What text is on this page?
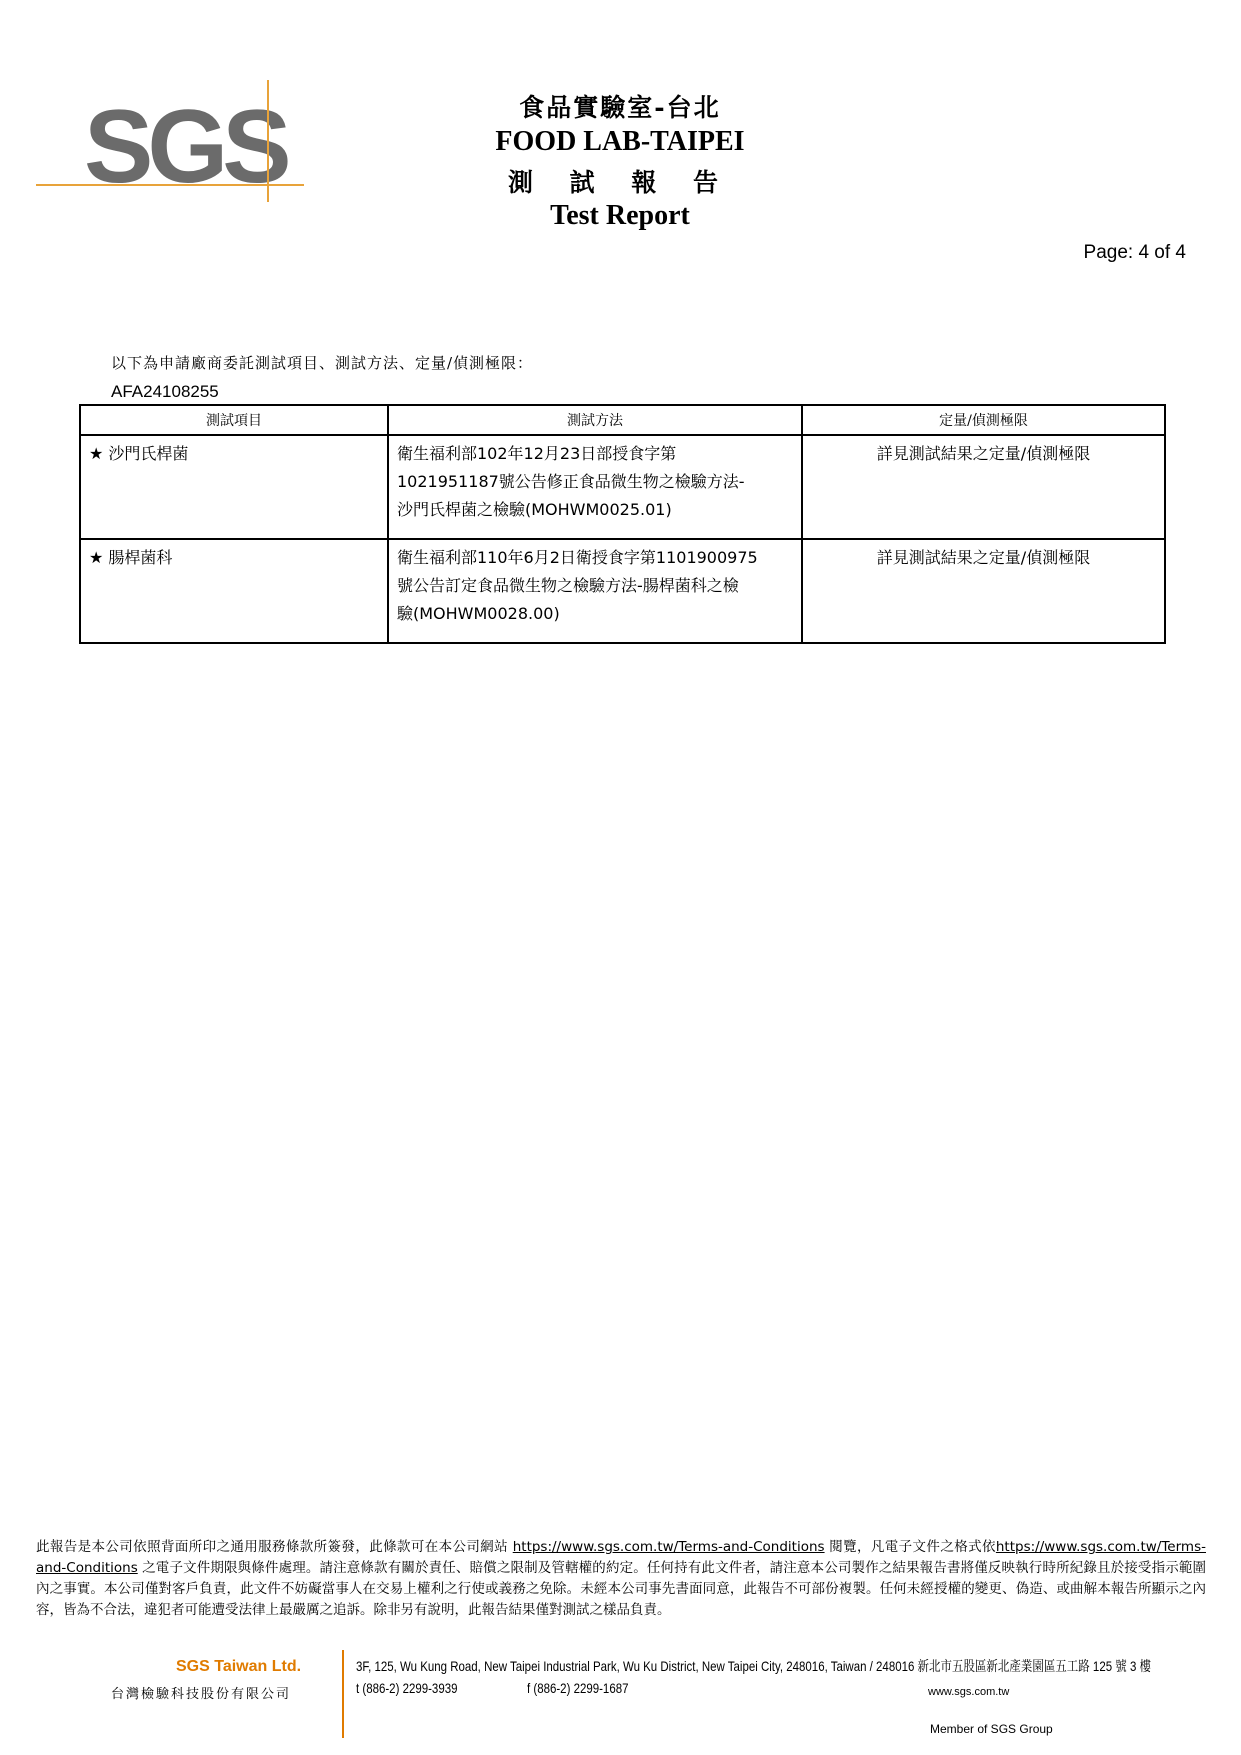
SGS	食品實驗室-台北
FOOD LAB-TAIPEI
測 試 報 告
Test Report
Page: 4 of 4
以下為申請廠商委託測試項目、測試方法、定量/偵測極限：
AFA24108255
測試項目	測試方法	定量/偵測極限
★ 沙門氏桿菌	衛生福利部102年12月23日部授食字第
1021951187號公告修正食品微生物之檢驗方法-
沙門氏桿菌之檢驗(MOHWM0025.01)	詳見測試結果之定量/偵測極限
★ 腸桿菌科	衛生福利部110年6月2日衛授食字第1101900975
號公告訂定食品微生物之檢驗方法-腸桿菌科之檢
驗(MOHWM0028.00)	詳見測試結果之定量/偵測極限
此報告是本公司依照背面所印之通用服務條款所簽發，此條款可在本公司網站 https://www.sgs.com.tw/Terms-and-Conditions 閱覽，凡電子文件之格式依https://www.sgs.com.tw/Terms-and-Conditions 之電子文件期限與條件處理。請注意條款有關於責任、賠償之限制及管轄權的約定。任何持有此文件者，請注意本公司製作之結果報告書將僅反映執行時所紀錄且於接受指示範圍內之事實。本公司僅對客戶負責，此文件不妨礙當事人在交易上權利之行使或義務之免除。未經本公司事先書面同意，此報告不可部份複製。任何未經授權的變更、偽造、或曲解本報告所顯示之內容，皆為不合法，違犯者可能遭受法律上最嚴厲之追訴。除非另有說明，此報告結果僅對測試之樣品負責。
SGS Taiwan Ltd.
台灣檢驗科技股份有限公司
3F, 125, Wu Kung Road, New Taipei Industrial Park, Wu Ku District, New Taipei City, 248016, Taiwan / 248016 新北市五股區新北產業園區五工路 125 號 3 樓
t (886-2) 2299-3939	f (886-2) 2299-1687	www.sgs.com.tw
Member of SGS Group
